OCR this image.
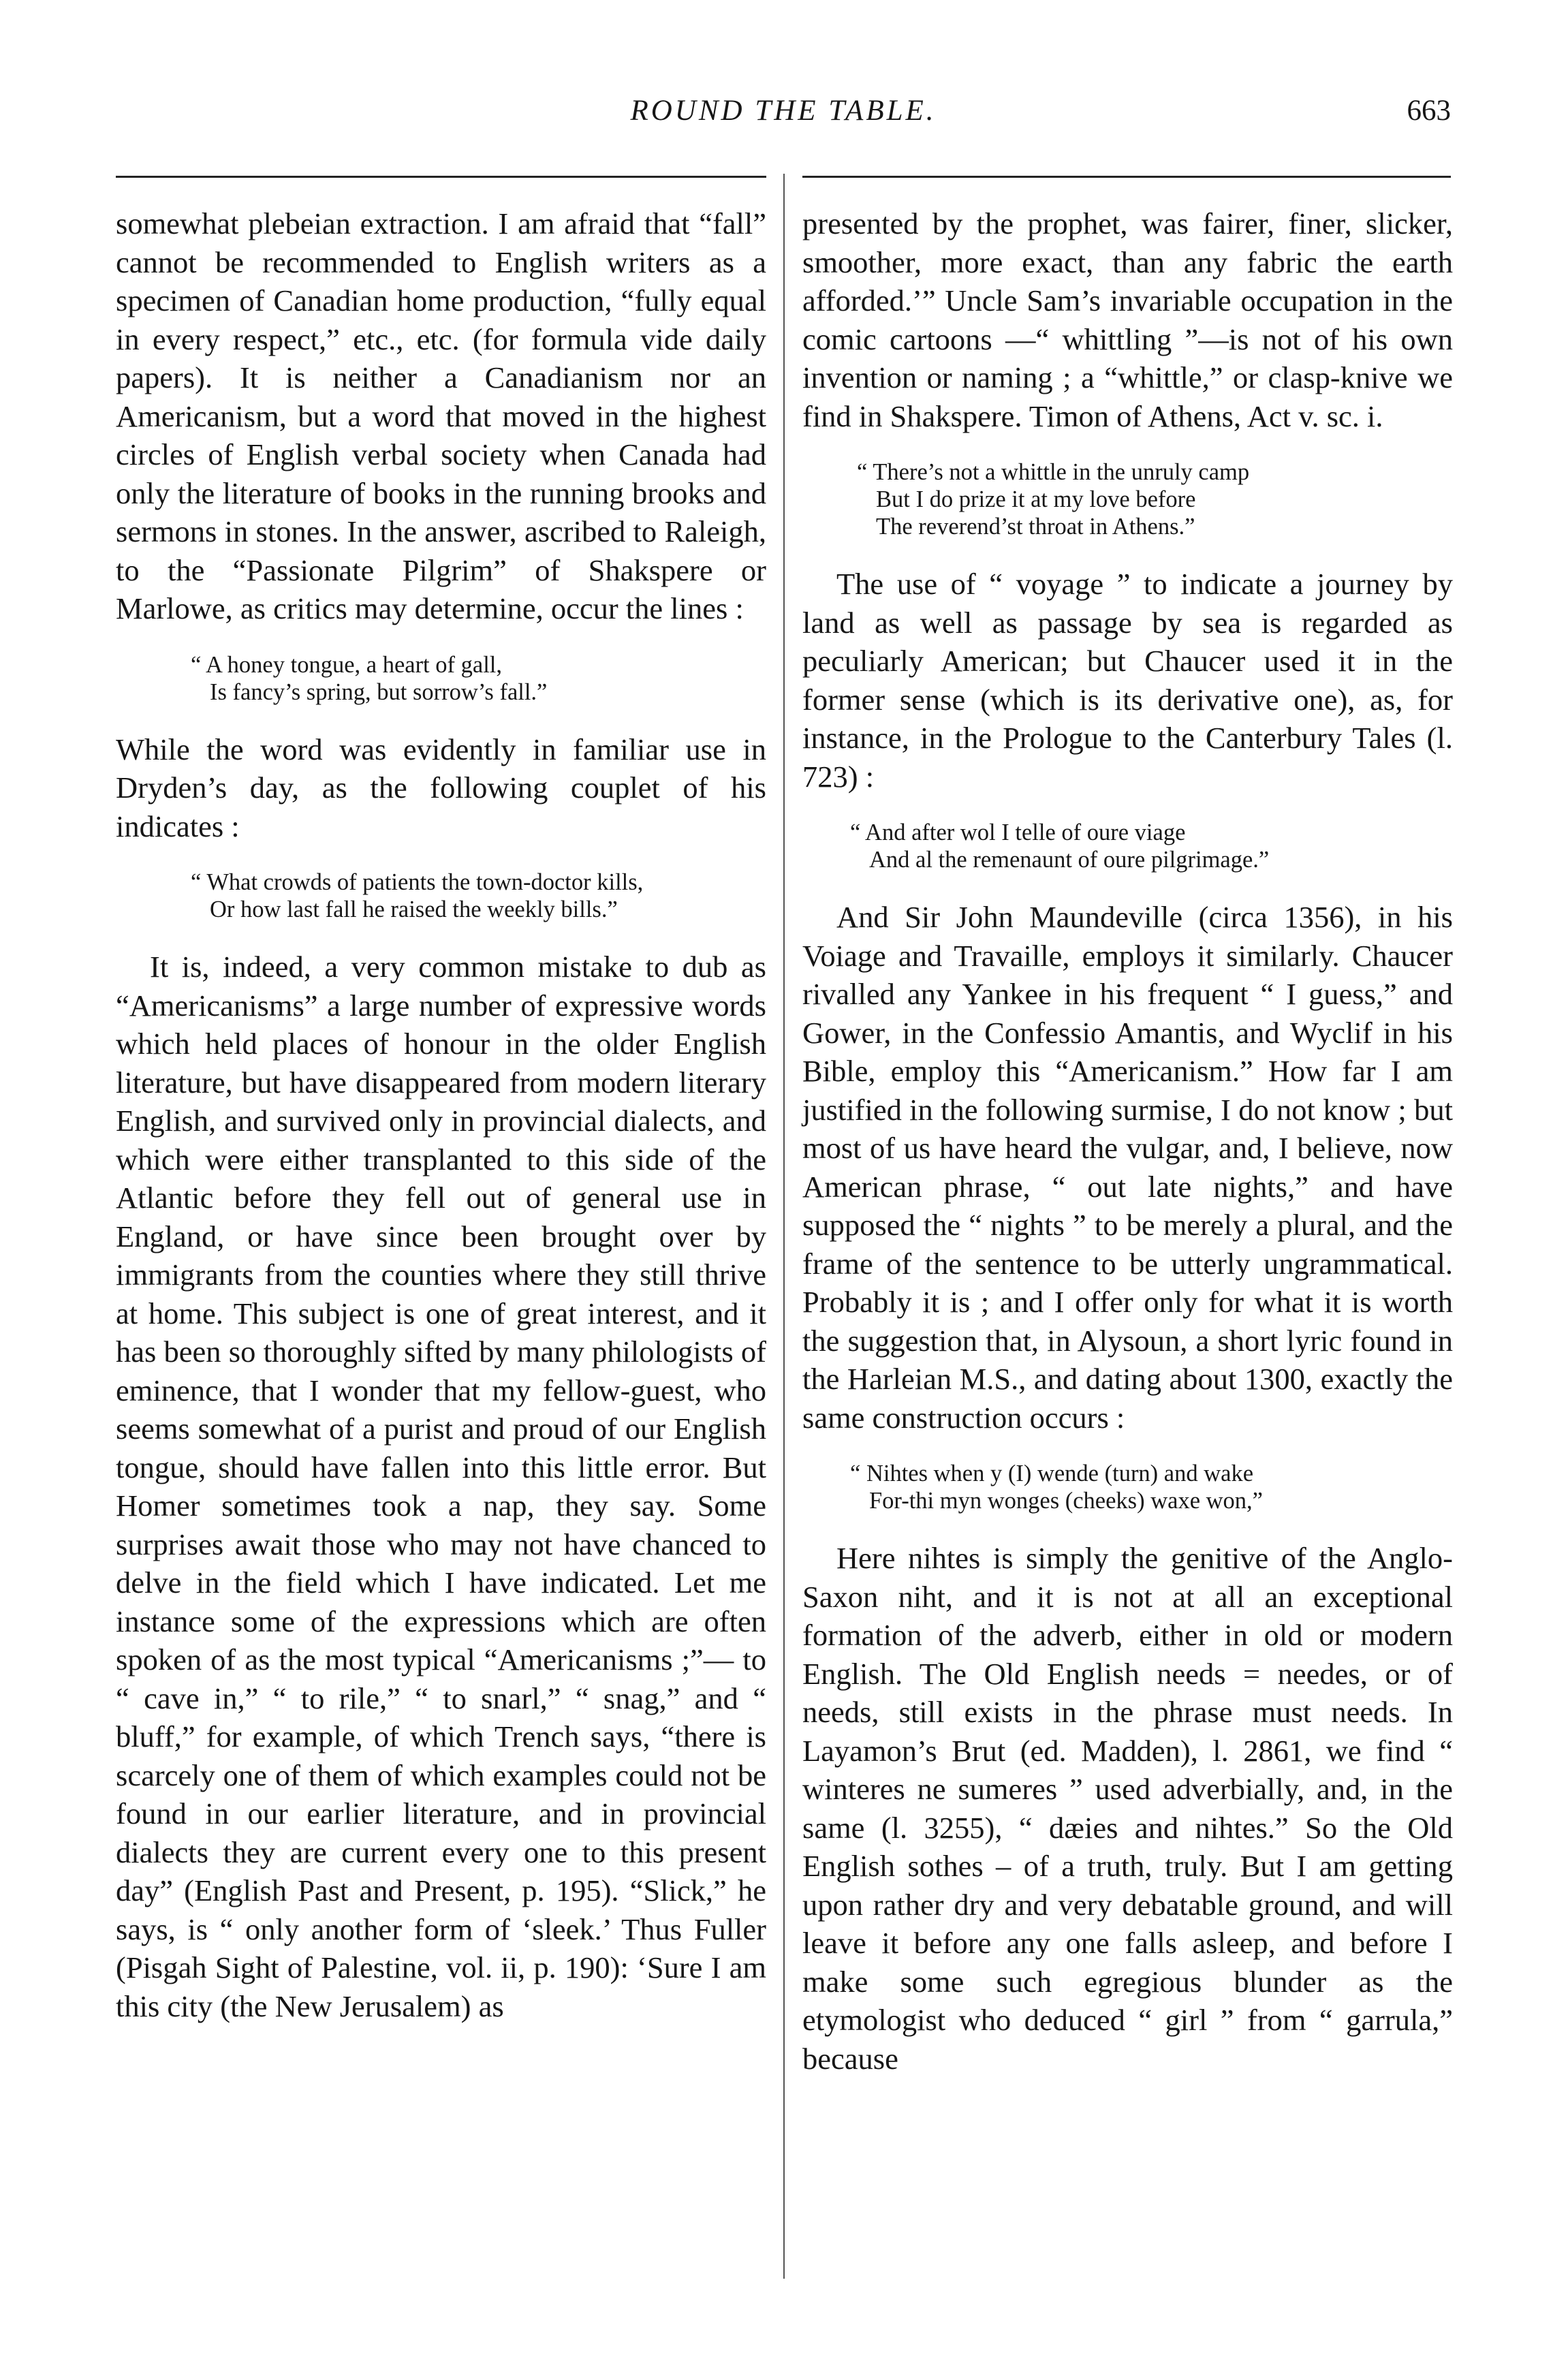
ROUND THE TABLE.	663

somewhat plebeian extraction. I am afraid that “fall” cannot be recommended to English writers as a specimen of Canadian home production, “fully equal in every respect,” etc., etc. (for formula vide daily papers). It is neither a Canadianism nor an Americanism, but a word that moved in the highest circles of English verbal society when Canada had only the literature of books in the running brooks and sermons in stones. In the answer, ascribed to Raleigh, to the “Passionate Pilgrim” of Shakspere or Marlowe, as critics may determine, occur the lines :

“ A honey tongue, a heart of gall,

Is fancy’s spring, but sorrow’s fall.”

While the word was evidently in familiar use in Dryden’s day, as the following couplet of his indicates :

“ What crowds of patients the town-doctor kills,

Or how last fall he raised the weekly bills.”

It is, indeed, a very common mistake to dub as “Americanisms” a large number of expressive words which held places of honour in the older English literature, but have disappeared from modern literary English, and survived only in provincial dialects, and which were either transplanted to this side of the Atlantic before they fell out of general use in England, or have since been brought over by immigrants from the counties where they still thrive at home. This subject is one of great interest, and it has been so thoroughly sifted by many philologists of eminence, that I wonder that my fellow-guest, who seems somewhat of a purist and proud of our English tongue, should have fallen into this little error. But Homer sometimes took a nap, they say. Some surprises await those who may not have chanced to delve in the field which I have indicated. Let me instance some of the expressions which are often spoken of as the most typical “Americanisms ;”— to “ cave in,” “ to rile,” “ to snarl,” “ snag,” and “ bluff,” for example, of which Trench says, “there is scarcely one of them of which examples could not be found in our earlier literature, and in provincial dialects they are current every one to this present day” (English Past and Present, p. 195). “Slick,” he says, is “ only another form of ‘sleek.’ Thus Fuller (Pisgah Sight of Palestine, vol. ii, p. 190): ‘Sure I am this city (the New Jerusalem) as

presented by the prophet, was fairer, finer, slicker, smoother, more exact, than any fabric the earth afforded.’” Uncle Sam’s invariable occupation in the comic cartoons —“ whittling ”—is not of his own invention or naming ; a “whittle,” or clasp-knive we find in Shakspere. Timon of Athens, Act v. sc. i.

“ There’s not a whittle in the unruly camp

But I do prize it at my love before

The reverend’st throat in Athens.”

The use of “ voyage ” to indicate a journey by land as well as passage by sea is regarded as peculiarly American; but Chaucer used it in the former sense (which is its derivative one), as, for instance, in the Prologue to the Canterbury Tales (l. 723) :

“ And after wol I telle of oure viage

And al the remenaunt of oure pilgrimage.”

And Sir John Maundeville (circa 1356), in his Voiage and Travaille, employs it similarly. Chaucer rivalled any Yankee in his frequent “ I guess,” and Gower, in the Confessio Amantis, and Wyclif in his Bible, employ this “Americanism.” How far I am justified in the following surmise, I do not know ; but most of us have heard the vulgar, and, I believe, now American phrase, “ out late nights,” and have supposed the “ nights ” to be merely a plural, and the frame of the sentence to be utterly ungrammatical. Probably it is ; and I offer only for what it is worth the suggestion that, in Alysoun, a short lyric found in the Harleian M.S., and dating about 1300, exactly the same construction occurs :

“ Nihtes when y (I) wende (turn) and wake

For-thi myn wonges (cheeks) waxe won,”

Here nihtes is simply the genitive of the Anglo-Saxon niht, and it is not at all an exceptional formation of the adverb, either in old or modern English. The Old English needs = needes, or of needs, still exists in the phrase must needs. In Layamon’s Brut (ed. Madden), l. 2861, we find “ winteres ne sumeres ” used adverbially, and, in the same (l. 3255), “ dæies and nihtes.” So the Old English sothes – of a truth, truly. But I am getting upon rather dry and very debatable ground, and will leave it before any one falls asleep, and before I make some such egregious blunder as the etymologist who deduced “ girl ” from “ garrula,” because
